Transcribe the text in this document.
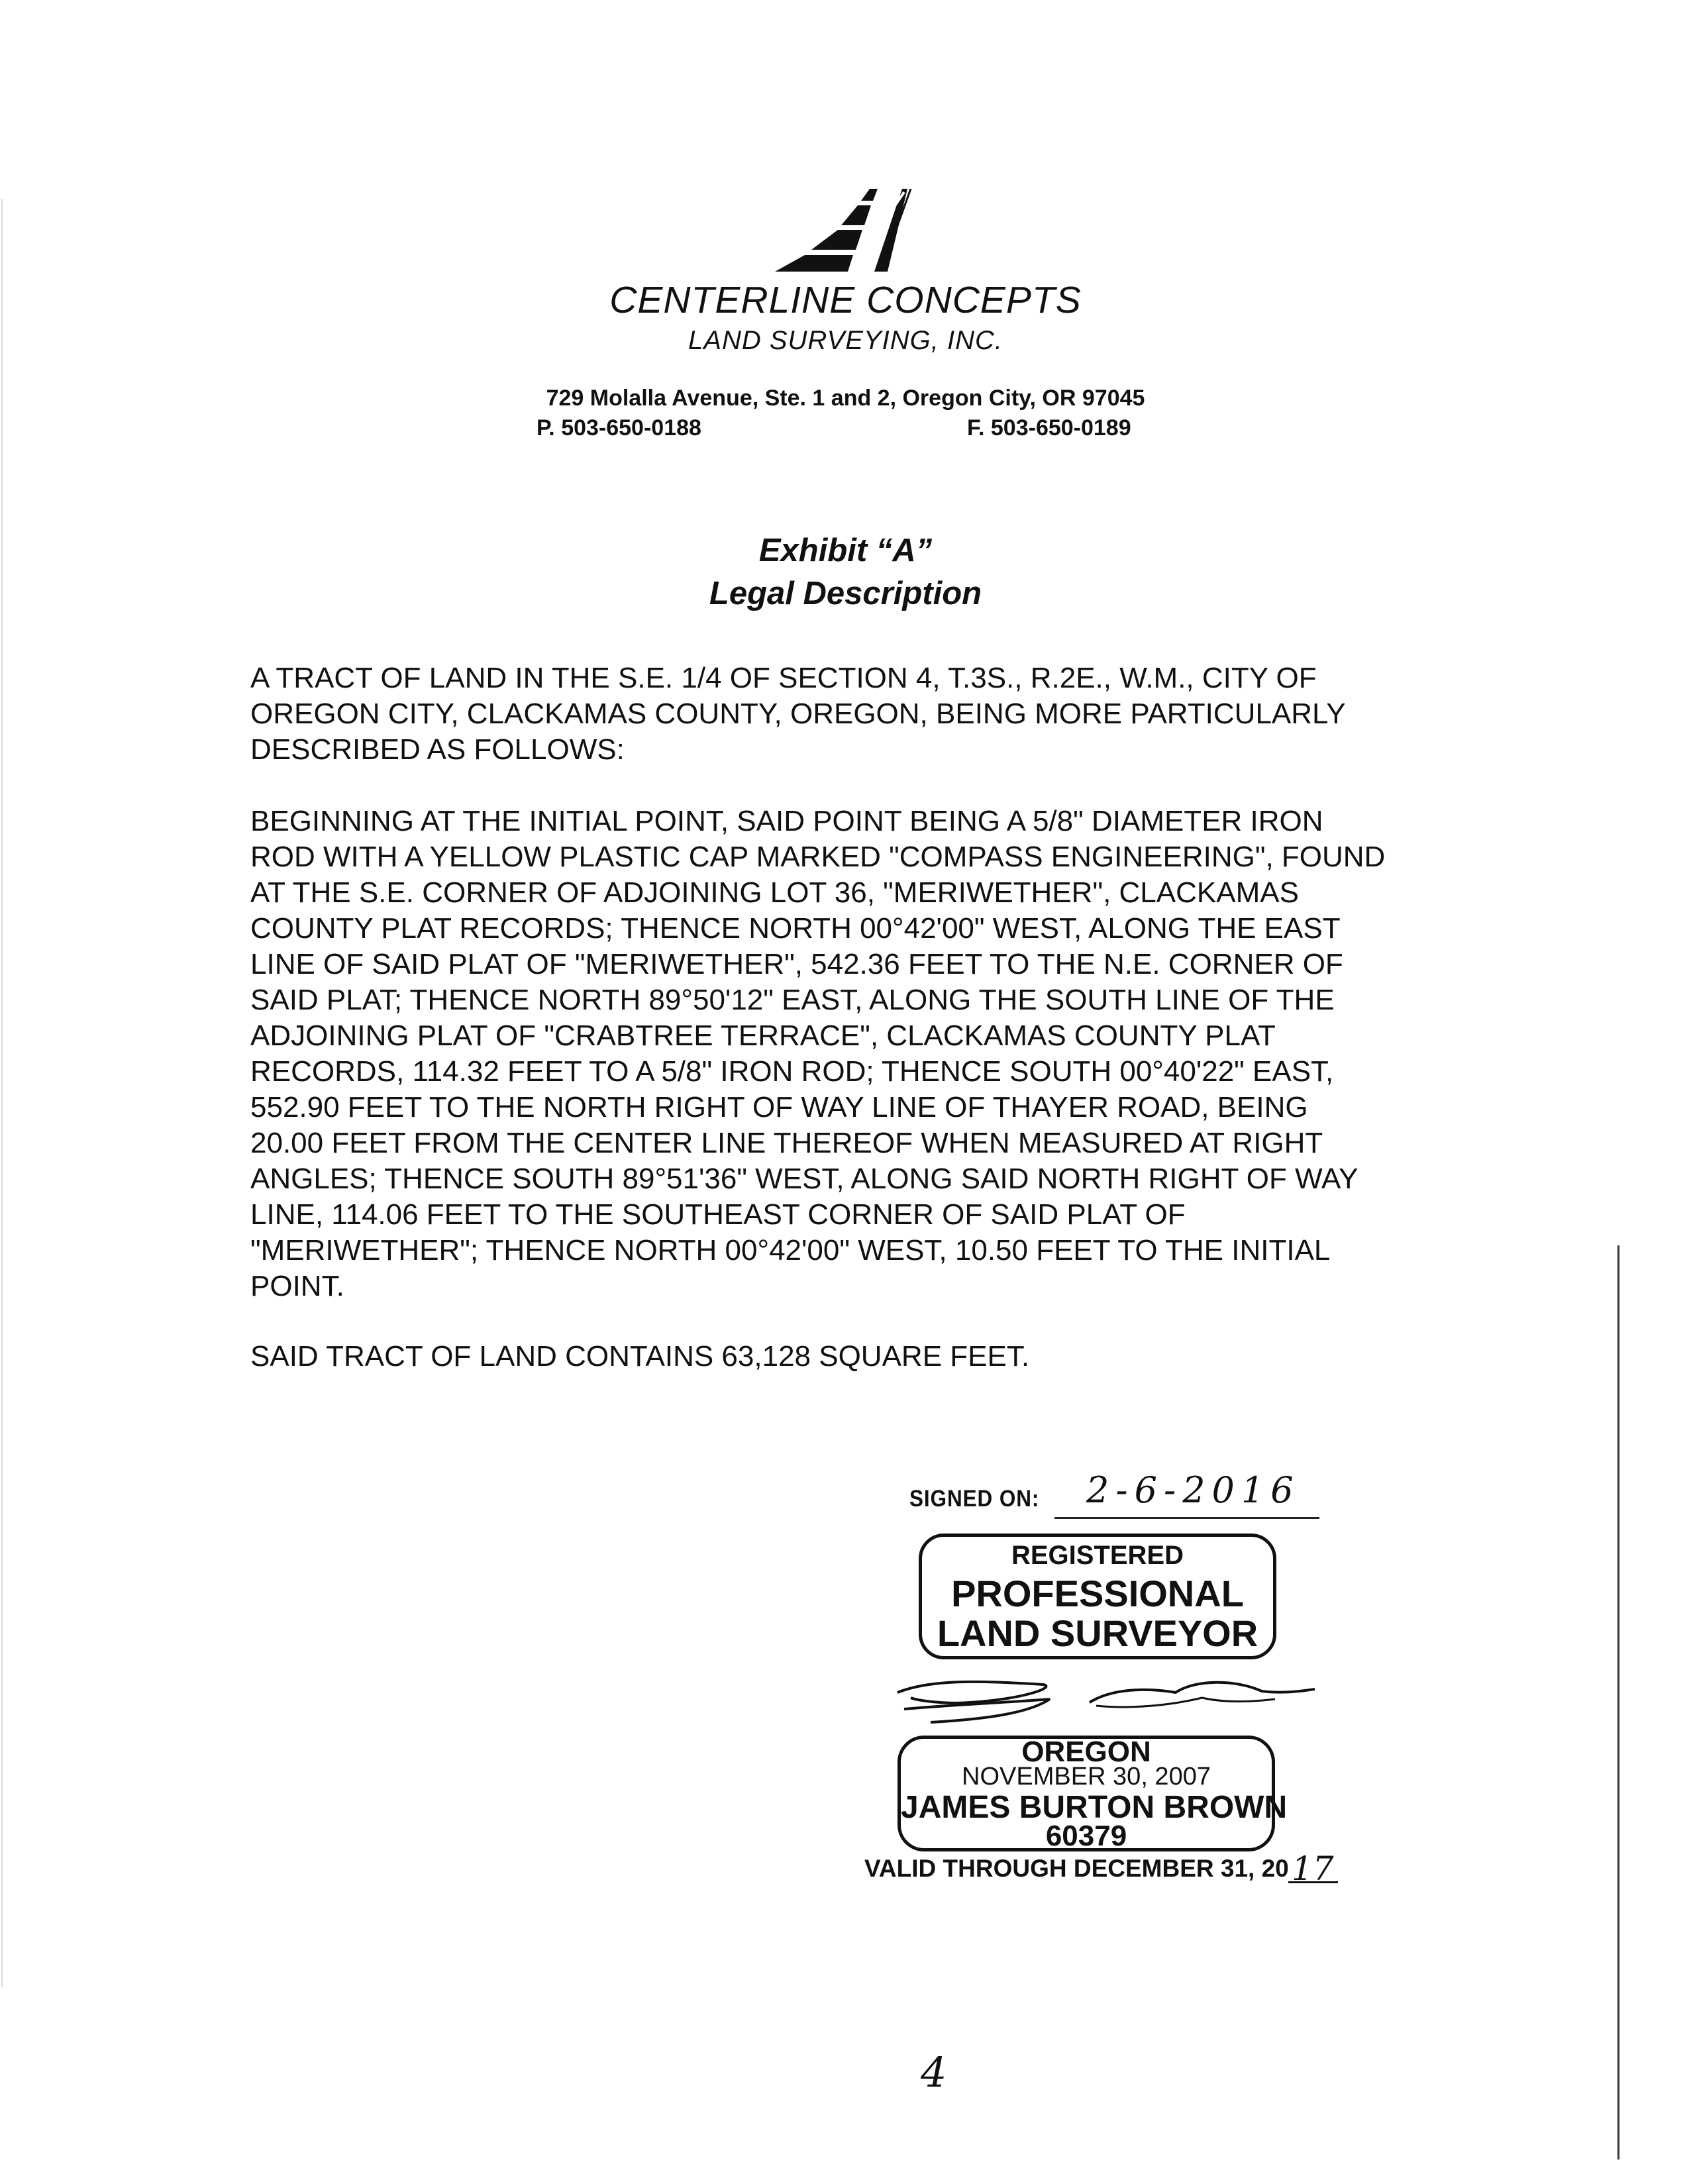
CENTERLINE CONCEPTS
LAND SURVEYING, INC.
729 Molalla Avenue, Ste. 1 and 2, Oregon City, OR 97045
P. 503-650-0188	F. 503-650-0189
Exhibit “A”
Legal Description
A TRACT OF LAND IN THE S.E. 1/4 OF SECTION 4, T.3S., R.2E., W.M., CITY OF
OREGON CITY, CLACKAMAS COUNTY, OREGON, BEING MORE PARTICULARLY
DESCRIBED AS FOLLOWS:
BEGINNING AT THE INITIAL POINT, SAID POINT BEING A 5/8" DIAMETER IRON
ROD WITH A YELLOW PLASTIC CAP MARKED "COMPASS ENGINEERING", FOUND
AT THE S.E. CORNER OF ADJOINING LOT 36, "MERIWETHER", CLACKAMAS
COUNTY PLAT RECORDS; THENCE NORTH 00°42'00" WEST, ALONG THE EAST
LINE OF SAID PLAT OF "MERIWETHER", 542.36 FEET TO THE N.E. CORNER OF
SAID PLAT; THENCE NORTH 89°50'12" EAST, ALONG THE SOUTH LINE OF THE
ADJOINING PLAT OF "CRABTREE TERRACE", CLACKAMAS COUNTY PLAT
RECORDS, 114.32 FEET TO A 5/8" IRON ROD; THENCE SOUTH 00°40'22" EAST,
552.90 FEET TO THE NORTH RIGHT OF WAY LINE OF THAYER ROAD, BEING
20.00 FEET FROM THE CENTER LINE THEREOF WHEN MEASURED AT RIGHT
ANGLES; THENCE SOUTH 89°51'36" WEST, ALONG SAID NORTH RIGHT OF WAY
LINE, 114.06 FEET TO THE SOUTHEAST CORNER OF SAID PLAT OF
"MERIWETHER"; THENCE NORTH 00°42'00" WEST, 10.50 FEET TO THE INITIAL
POINT.
SAID TRACT OF LAND CONTAINS 63,128 SQUARE FEET.
SIGNED ON: 2-6-2016
REGISTERED
PROFESSIONAL
LAND SURVEYOR
OREGON
NOVEMBER 30, 2007
JAMES BURTON BROWN
60379
VALID THROUGH DECEMBER 31, 20 17
4
